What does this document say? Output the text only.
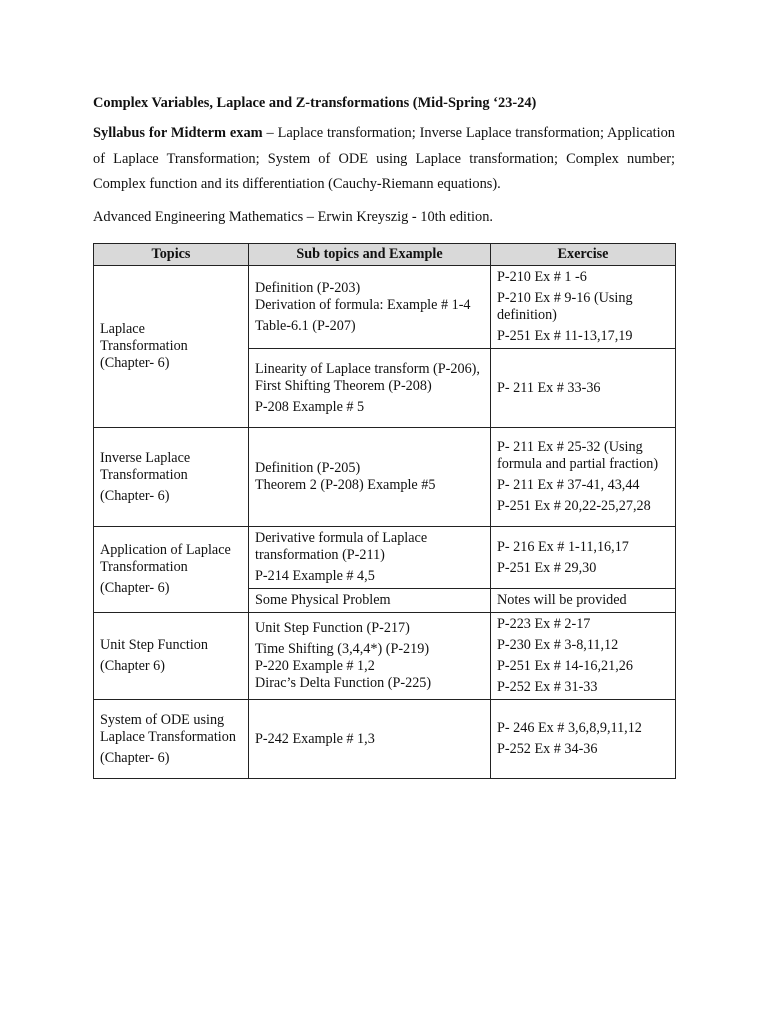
Complex Variables, Laplace and Z-transformations (Mid-Spring ‘23-24)

Syllabus for Midterm exam – Laplace transformation; Inverse Laplace transformation; Application of Laplace Transformation; System of ODE using Laplace transformation; Complex number; Complex function and its differentiation (Cauchy-Riemann equations).

Advanced Engineering Mathematics – Erwin Kreyszig - 10th edition.

Topics	Sub topics and Example	Exercise

Laplace
Transformation
(Chapter- 6)	Definition (P-203)
Derivation of formula: Example # 1-4
Table-6.1 (P-207)	P-210 Ex # 1 -6
P-210 Ex # 9-16 (Using definition)
P-251 Ex # 11-13,17,19

	Linearity of Laplace transform (P-206), First Shifting Theorem (P-208)
P-208 Example # 5	P- 211 Ex # 33-36

Inverse Laplace Transformation
(Chapter- 6)	Definition (P-205)
Theorem 2 (P-208) Example #5	P- 211 Ex # 25-32 (Using formula and partial fraction)
P- 211 Ex # 37-41, 43,44
P-251 Ex # 20,22-25,27,28

Application of Laplace Transformation
(Chapter- 6)	Derivative formula of Laplace transformation (P-211)
P-214 Example # 4,5	P- 216 Ex # 1-11,16,17
P-251 Ex # 29,30

	Some Physical Problem	Notes will be provided

Unit Step Function
(Chapter 6)	Unit Step Function (P-217)
Time Shifting (3,4,4*) (P-219)
P-220 Example # 1,2
Dirac’s Delta Function (P-225)	P-223 Ex # 2-17
P-230 Ex # 3-8,11,12
P-251 Ex # 14-16,21,26
P-252 Ex # 31-33

System of ODE using Laplace Transformation
(Chapter- 6)	P-242 Example # 1,3	P- 246 Ex # 3,6,8,9,11,12
P-252 Ex # 34-36
